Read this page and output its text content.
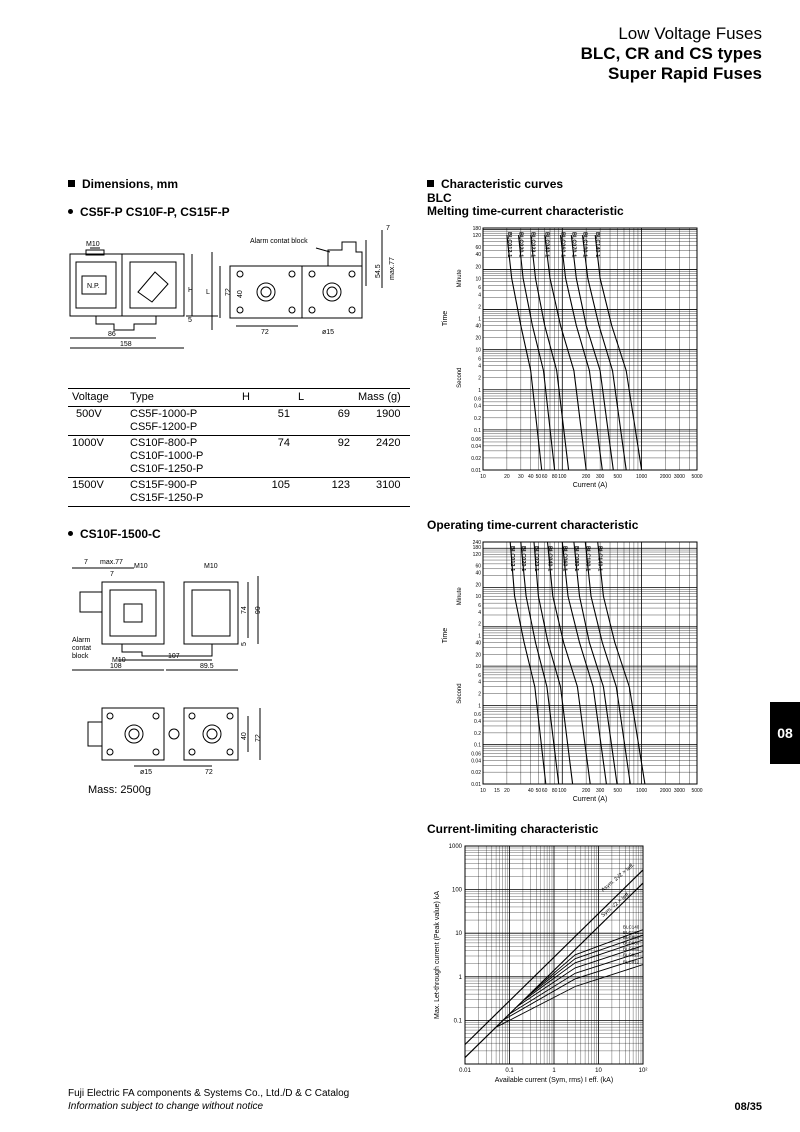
Low Voltage Fuses
BLC, CR and CS types
Super Rapid Fuses
Dimensions, mm
CS5F-P CS10F-P, CS15F-P
M10
N.P.
H L
5
86
158
Alarm contat block
7
54.5 max.77
72 40
72	ø15
Voltage	Type	H	L	Mass (g)
500V	CS5F-1000-P
CS5F-1200-P	51	69	1900
1000V	CS10F-800-P
CS10F-1000-P
CS10F-1250-P	74	92	2420
1500V	CS15F-900-P
CS15F-1250-P	105	123	3100
CS10F-1500-C
7 max.77
7
M10	M10
74 99
5
Alarm
contat
block
M10
107
108	89.5
40 72
ø15	72
Mass: 2500g
Characteristic curves
BLC
Melting time-current characteristic
Operating time-current characteristic
Current-limiting characteristic
10	20 30 40 50 60 80 100	200 300 500	1000	2000 3000 5000
180
120
60
40
20
10
6
4
2
1
40
20
10
6
4
2
1
0.6
0.4
0.2
0.1
0.06
0.04
0.02
0.01
Minute
Second
Time
Current (A)
BLC012-1 BLC020-1 BLC023-1 BLC040-1 BLC060-1 BLC070-1 BLC100-1 BLC140-1
10 15 20	40 50 60 80 100	200 300 500	1000	2000 3000 5000
240
180
120
60
40
20
10
6
4
2
1
40
20
10
6
4
2
1
0.6
0.4
0.2
0.1
0.06
0.04
0.02
0.01
Minute
Second
Time
Current (A)
BLC012-1 BLC020-1 BLC023-1 BLC040-1 BLC060-1 BLC080-1 BLC100-1 BLC140-1
0.01	0.1	1	10	10²
1000
100
10
1
0.1
Available current (Sym, rms) I eff. (kA)
Max. Let-through current (Peak value) kA
Asym. 2√2 × Ieff.
Sym. √2 × Ieff.
BLC140
BLC100
BLC080
BLC060
BLC040
BLC023
BLC012
08
Fuji Electric FA components & Systems Co., Ltd./D & C Catalog
Information subject to change without notice	08/35
